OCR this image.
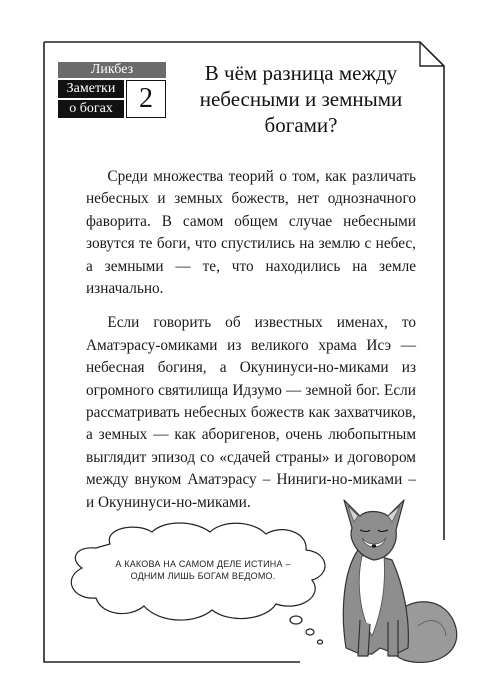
Ликбез
Заметки
о богах 2
В чём разница между
небесными и земными
богами?

Среди множества теорий о том, как различать небесных и земных божеств, нет однозначного фаворита. В самом общем случае небесными зовутся те боги, что спустились на землю с небес, а земными — те, что находились на земле изначально.

Если говорить об известных именах, то Аматэрасу-омиками из великого храма Исэ — небесная богиня, а Окунинуси-но-миками из огромного святилища Идзумо — земной бог. Если рассматривать небесных божеств как захватчиков, а земных — как аборигенов, очень любопытным выглядит эпизод со «сдачей страны» и договором между внуком Аматэрасу – Ниниги-но-миками – и Окунинуси-но-миками.

А КАКОВА НА САМОМ ДЕЛЕ ИСТИНА –
ОДНИМ ЛИШЬ БОГАМ ВЕДОМО.
